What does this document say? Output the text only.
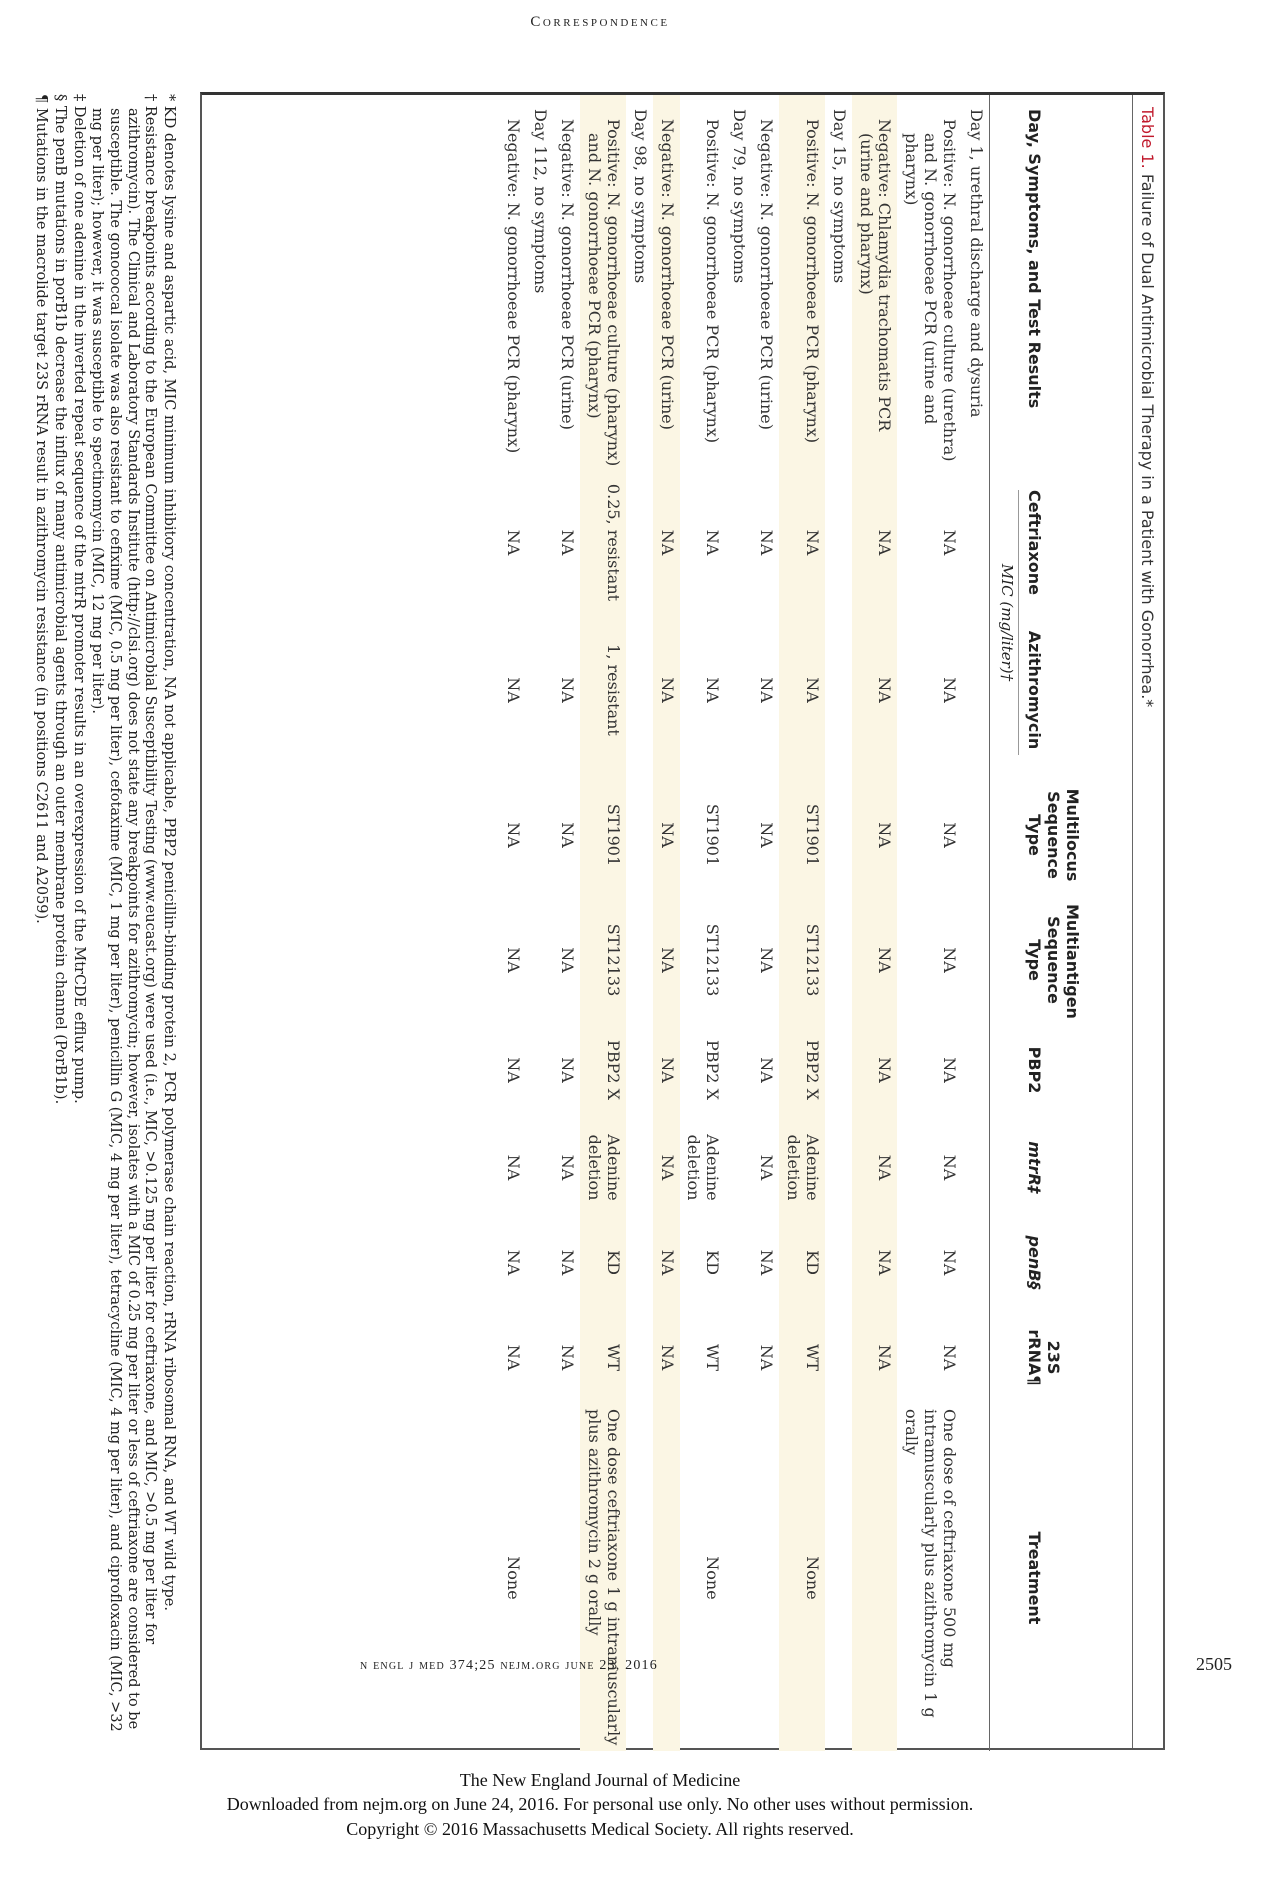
Correspondence
Table 1. Failure of Dual Antimicrobial Therapy in a Patient with Gonorrhea.*
Day, Symptoms, and Test Results	Ceftriaxone	Azithromycin	Multilocus Sequence Type	Multiantigen Sequence Type	PBP2	mtrR‡	penB§	23S rRNA¶	Treatment
	MIC (mg/liter)†								
Day 1, urethral discharge and dysuria									
Positive: N. gonorrhoeae culture (urethra) and N. gonorrhoeae PCR (urine and pharynx)	NA	NA	NA	NA	NA	NA	NA	NA	One dose of ceftriaxone 500 mg intramuscularly plus azithromycin 1 g orally
Negative: Chlamydia trachomatis PCR (urine and pharynx)	NA	NA	NA	NA	NA	NA	NA	NA	
Day 15, no symptoms									
Positive: N. gonorrhoeae PCR (pharynx)	NA	NA	ST1901	ST12133	PBP2 X	Adenine deletion	KD	WT	None
Negative: N. gonorrhoeae PCR (urine)	NA	NA	NA	NA	NA	NA	NA	NA	
Day 79, no symptoms									
Positive: N. gonorrhoeae PCR (pharynx)	NA	NA	ST1901	ST12133	PBP2 X	Adenine deletion	KD	WT	None
Negative: N. gonorrhoeae PCR (urine)	NA	NA	NA	NA	NA	NA	NA	NA	
Day 98, no symptoms									
Positive: N. gonorrhoeae culture (pharynx) and N. gonorrhoeae PCR (pharynx)	0.25, resistant	1, resistant	ST1901	ST12133	PBP2 X	Adenine deletion	KD	WT	One dose ceftriaxone 1 g intramuscularly plus azithromycin 2 g orally
Negative: N. gonorrhoeae PCR (urine)	NA	NA	NA	NA	NA	NA	NA	NA	
Day 112, no symptoms									
Negative: N. gonorrhoeae PCR (pharynx)	NA	NA	NA	NA	NA	NA	NA	NA	None

* KD denotes lysine and aspartic acid, MIC minimum inhibitory concentration, NA not applicable, PBP2 penicillin-binding protein 2, PCR polymerase chain reaction, rRNA ribosomal RNA, and WT wild type.

† Resistance breakpoints according to the European Committee on Antimicrobial Susceptibility Testing (www.eucast.org) were used (i.e., MIC, >0.125 mg per liter for ceftriaxone, and MIC, >0.5 mg per liter for azithromycin). The Clinical and Laboratory Standards Institute (http://clsi.org) does not state any breakpoints for azithromycin; however, isolates with a MIC of 0.25 mg per liter or less of ceftriaxone are considered to be susceptible. The gonococcal isolate was also resistant to cefixime (MIC, 0.5 mg per liter), cefotaxime (MIC, 1 mg per liter), penicillin G (MIC, 4 mg per liter), tetracycline (MIC, 4 mg per liter), and ciprofloxacin (MIC, >32 mg per liter); however, it was susceptible to spectinomycin (MIC, 12 mg per liter).

‡ Deletion of one adenine in the inverted repeat sequence of the mtrR promoter results in an overexpression of the MtrCDE efflux pump.

§ The penB mutations in porB1b decrease the influx of many antimicrobial agents through an outer membrane protein channel (PorB1b).

¶ Mutations in the macrolide target 23S rRNA result in azithromycin resistance (in positions C2611 and A2059).

n engl j med 374;25 nejm.org june 23, 2016	2505
The New England Journal of Medicine
Downloaded from nejm.org on June 24, 2016. For personal use only. No other uses without permission.
Copyright © 2016 Massachusetts Medical Society. All rights reserved.
